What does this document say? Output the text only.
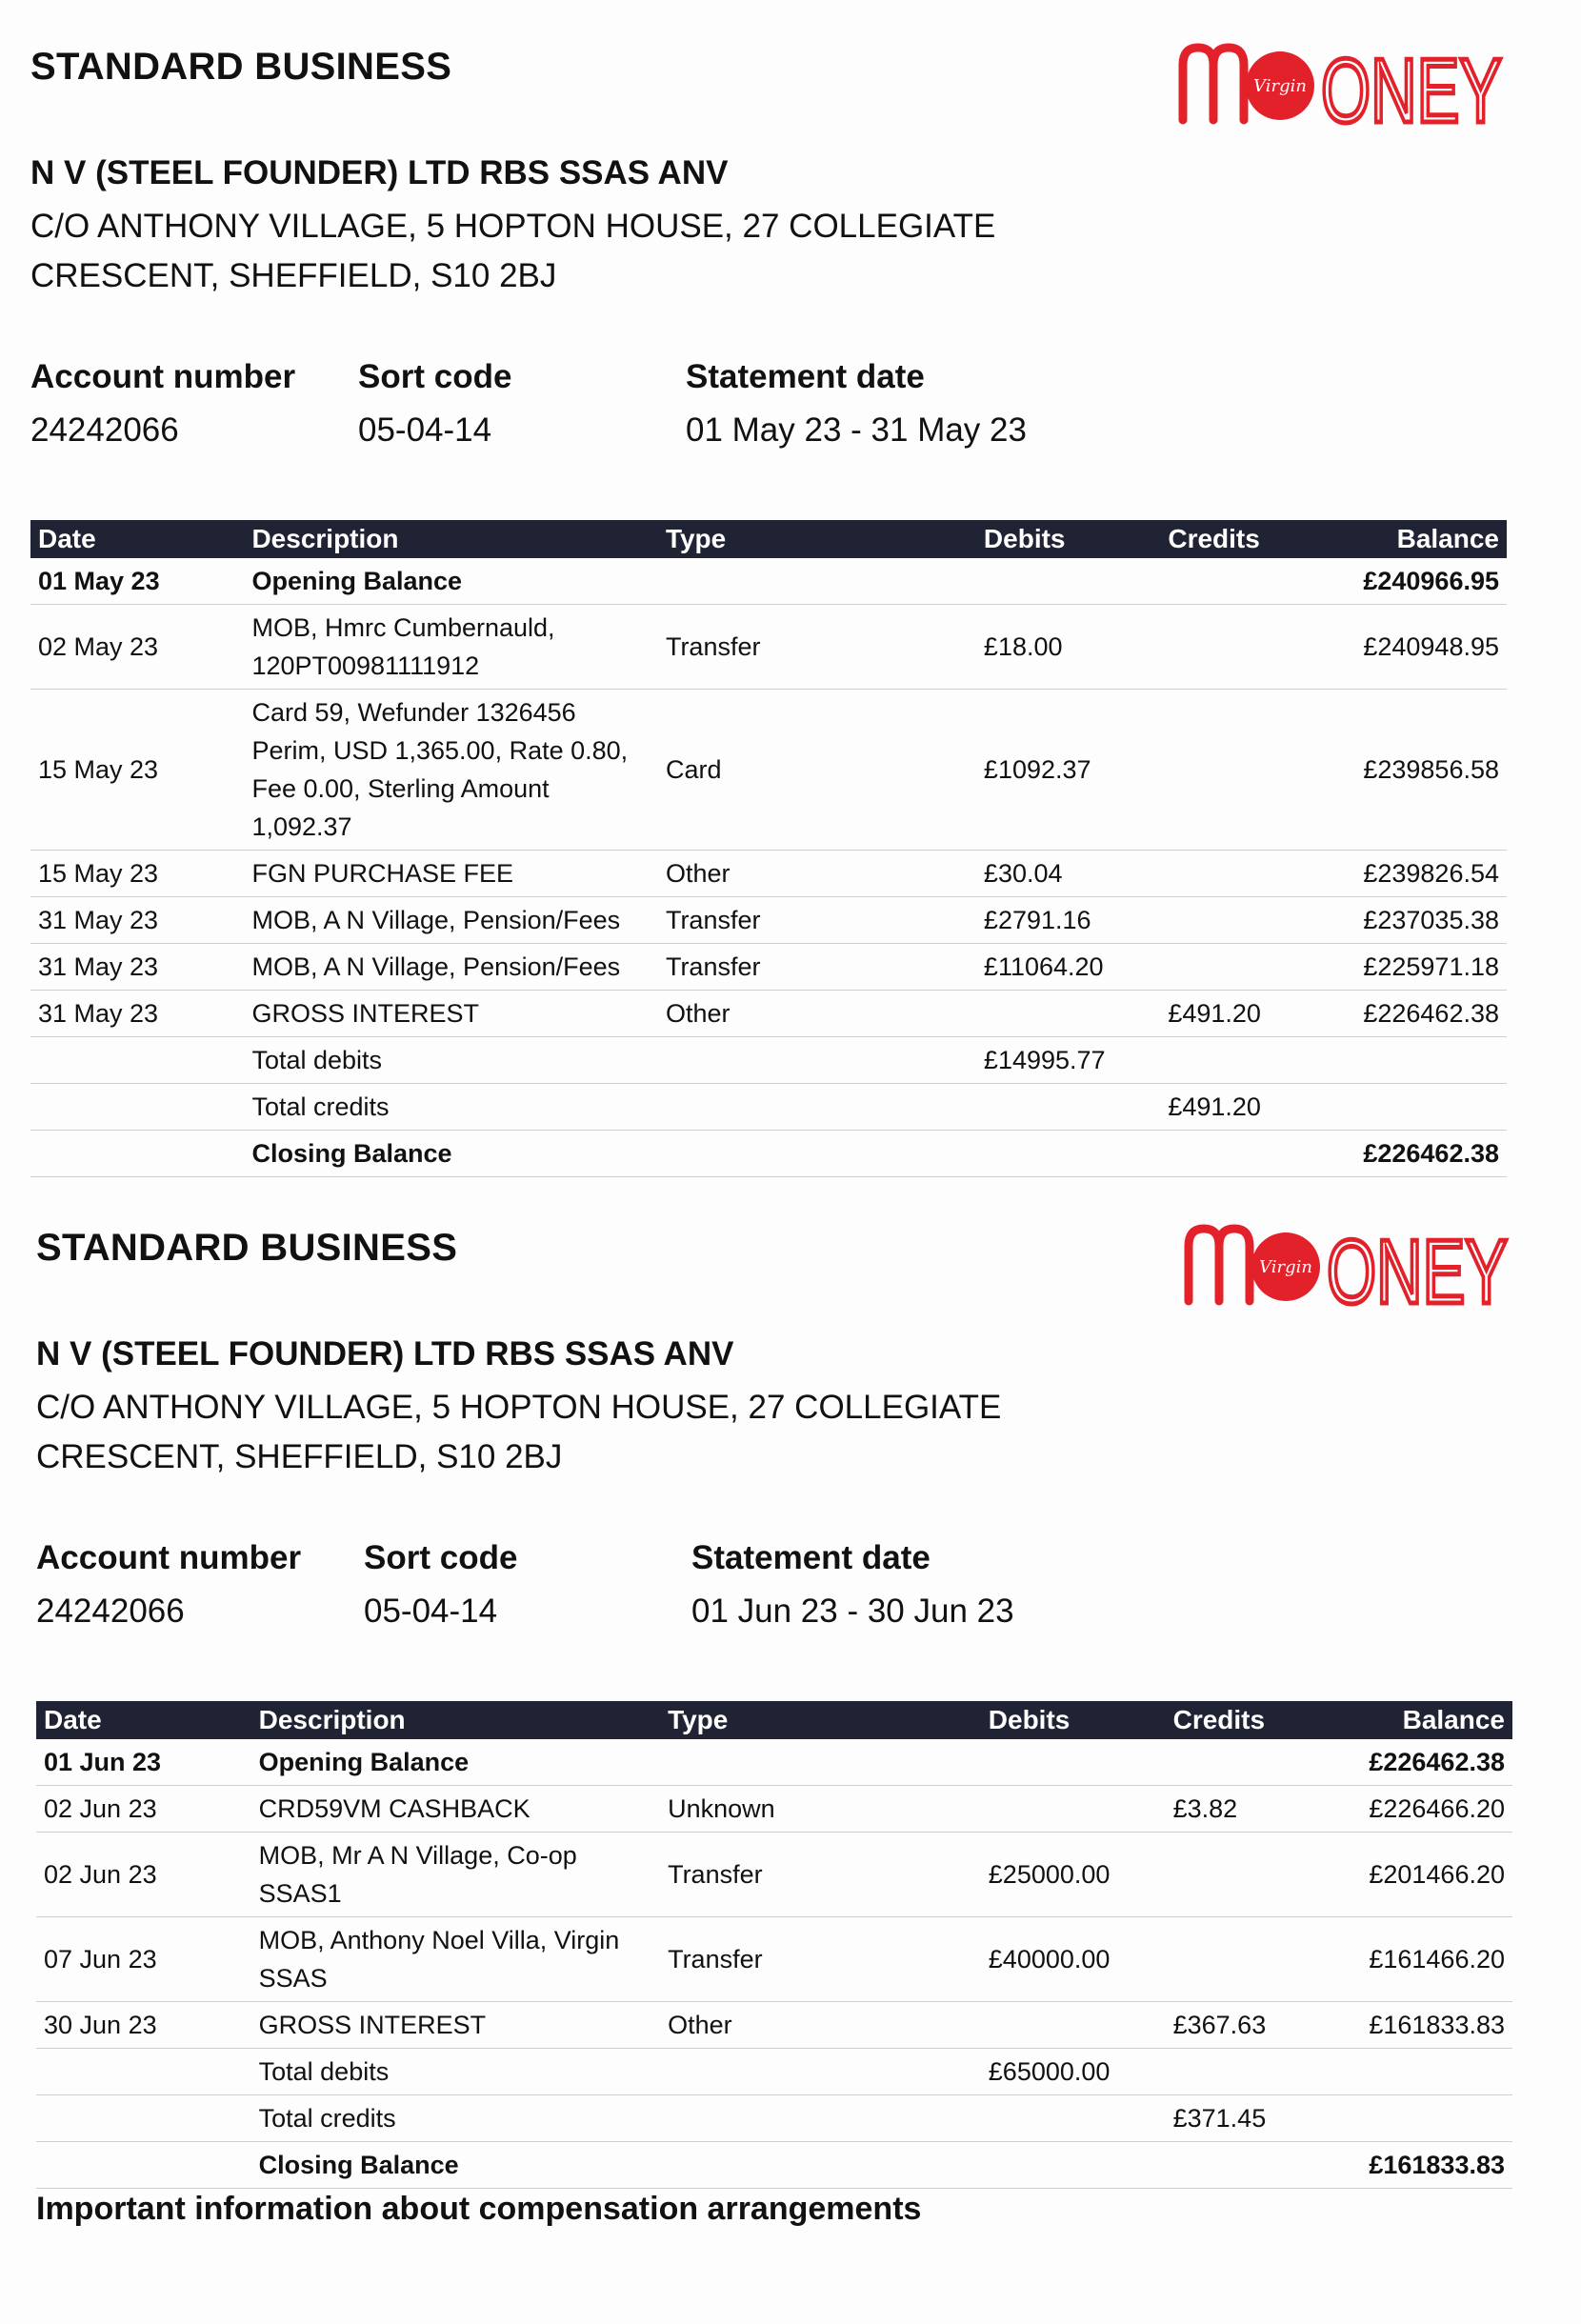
STANDARD BUSINESS	Virgin ONEY
N V (STEEL FOUNDER) LTD RBS SSAS ANV
C/O ANTHONY VILLAGE, 5 HOPTON HOUSE, 27 COLLEGIATE
CRESCENT, SHEFFIELD, S10 2BJ
Account number Sort code	Statement date
24242066	05-04-14	01 May 23 - 31 May 23
Date	Description	Type	Debits	Credits	Balance
01 May 23	Opening Balance				£240966.95
02 May 23	MOB, Hmrc Cumbernauld, 120PT00981111912	Transfer	£18.00		£240948.95
15 May 23	Card 59, Wefunder 1326456 Perim, USD 1,365.00, Rate 0.80, Fee 0.00, Sterling Amount 1,092.37	Card	£1092.37		£239856.58
15 May 23	FGN PURCHASE FEE	Other	£30.04		£239826.54
31 May 23	MOB, A N Village, Pension/Fees	Transfer	£2791.16		£237035.38
31 May 23	MOB, A N Village, Pension/Fees	Transfer	£11064.20		£225971.18
31 May 23	GROSS INTEREST	Other		£491.20	£226462.38
	Total debits		£14995.77		
	Total credits			£491.20	
	Closing Balance				£226462.38
STANDARD BUSINESS	Virgin ONEY
N V (STEEL FOUNDER) LTD RBS SSAS ANV
C/O ANTHONY VILLAGE, 5 HOPTON HOUSE, 27 COLLEGIATE
CRESCENT, SHEFFIELD, S10 2BJ
Account number Sort code	Statement date
24242066	05-04-14	01 Jun 23 - 30 Jun 23
Date	Description	Type	Debits	Credits	Balance
01 Jun 23	Opening Balance				£226462.38
02 Jun 23	CRD59VM CASHBACK	Unknown		£3.82	£226466.20
02 Jun 23	MOB, Mr A N Village, Co-op SSAS1	Transfer	£25000.00		£201466.20
07 Jun 23	MOB, Anthony Noel Villa, Virgin SSAS	Transfer	£40000.00		£161466.20
30 Jun 23	GROSS INTEREST	Other		£367.63	£161833.83
	Total debits		£65000.00		
	Total credits			£371.45	
	Closing Balance				£161833.83
Important information about compensation arrangements
